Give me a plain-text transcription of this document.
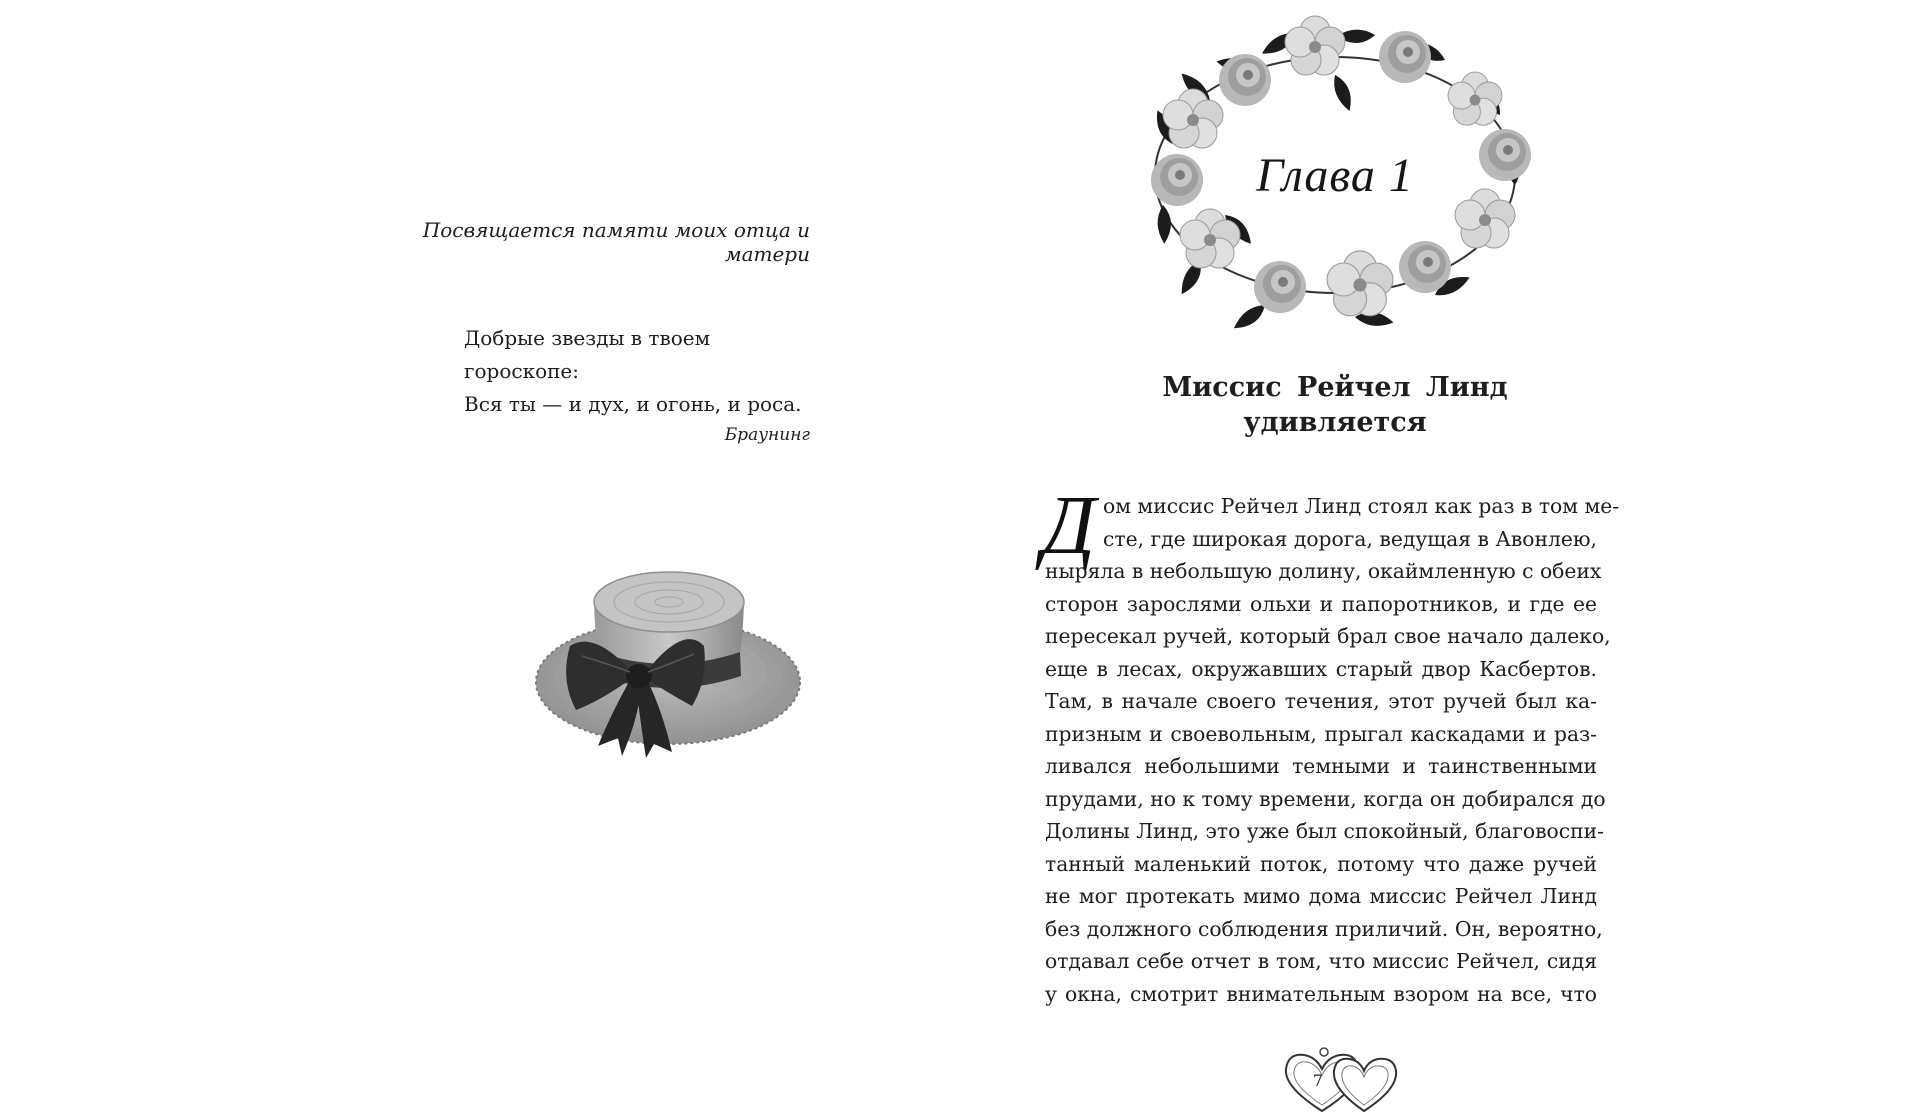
Посвящается памяти моих отца и матери
Добрые звезды в твоем гороскопе:
Вся ты — и дух, и огонь, и роса.
Браунинг
Глава 1
Миссис Рейчел Линд
удивляется
Д ом миссис Рейчел Линд стоял как раз в том ме-
сте, где широкая дорога, ведущая в Авонлею,
ныряла в небольшую долину, окаймленную с обеих
сторон зарослями ольхи и папоротников, и где ее
пересекал ручей, который брал свое начало далеко,
еще в лесах, окружавших старый двор Касбертов.
Там, в начале своего течения, этот ручей был ка-
призным и своевольным, прыгал каскадами и раз-
ливался небольшими темными и таинственными
прудами, но к тому времени, когда он добирался до
Долины Линд, это уже был спокойный, благовоспи-
танный маленький поток, потому что даже ручей
не мог протекать мимо дома миссис Рейчел Линд
без должного соблюдения приличий. Он, вероятно,
отдавал себе отчет в том, что миссис Рейчел, сидя
у окна, смотрит внимательным взором на все, что
7
